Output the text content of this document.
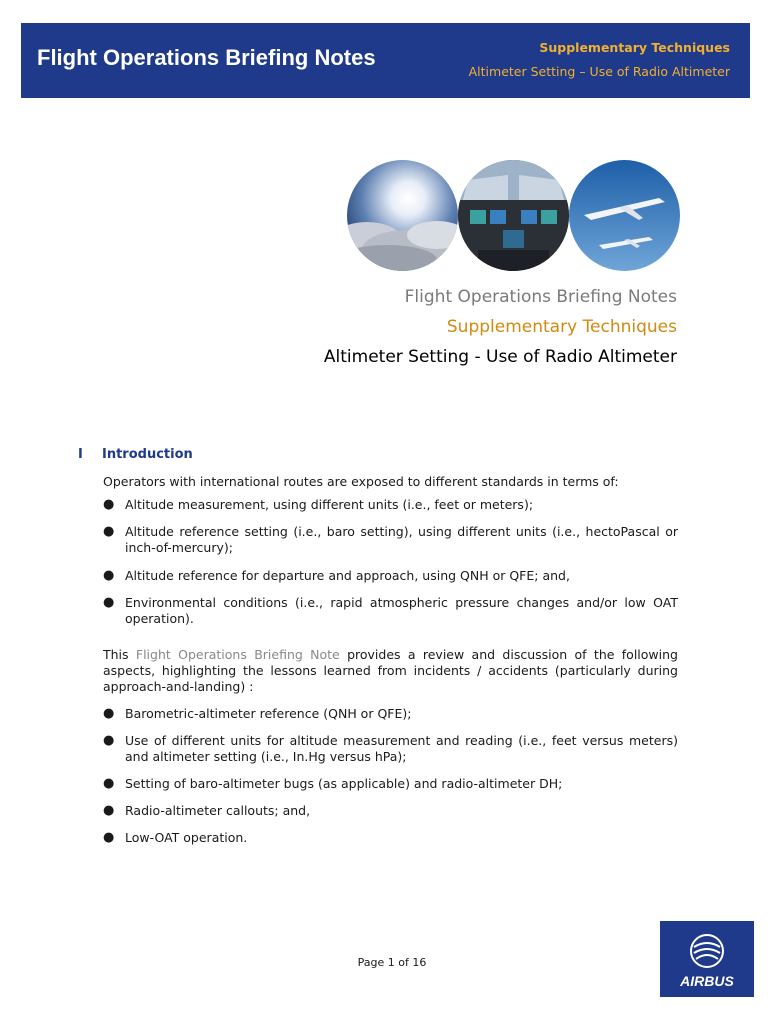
Flight Operations Briefing Notes	Supplementary Techniques
Altimeter Setting – Use of Radio Altimeter
Flight Operations Briefing Notes
Supplementary Techniques
Altimeter Setting - Use of Radio Altimeter
I Introduction
Operators with international routes are exposed to different standards in terms of:
● Altitude measurement, using different units (i.e., feet or meters);
● Altitude reference setting (i.e., baro setting), using different units (i.e., hectoPascal or inch-of-mercury);
● Altitude reference for departure and approach, using QNH or QFE; and,
● Environmental conditions (i.e., rapid atmospheric pressure changes and/or low OAT operation).
This Flight Operations Briefing Note provides a review and discussion of the following aspects, highlighting the lessons learned from incidents / accidents (particularly during approach-and-landing) :
● Barometric-altimeter reference (QNH or QFE);
● Use of different units for altitude measurement and reading (i.e., feet versus meters) and altimeter setting (i.e., In.Hg versus hPa);
● Setting of baro-altimeter bugs (as applicable) and radio-altimeter DH;
● Radio-altimeter callouts; and,
● Low-OAT operation.
Page 1 of 16
AIRBUS
